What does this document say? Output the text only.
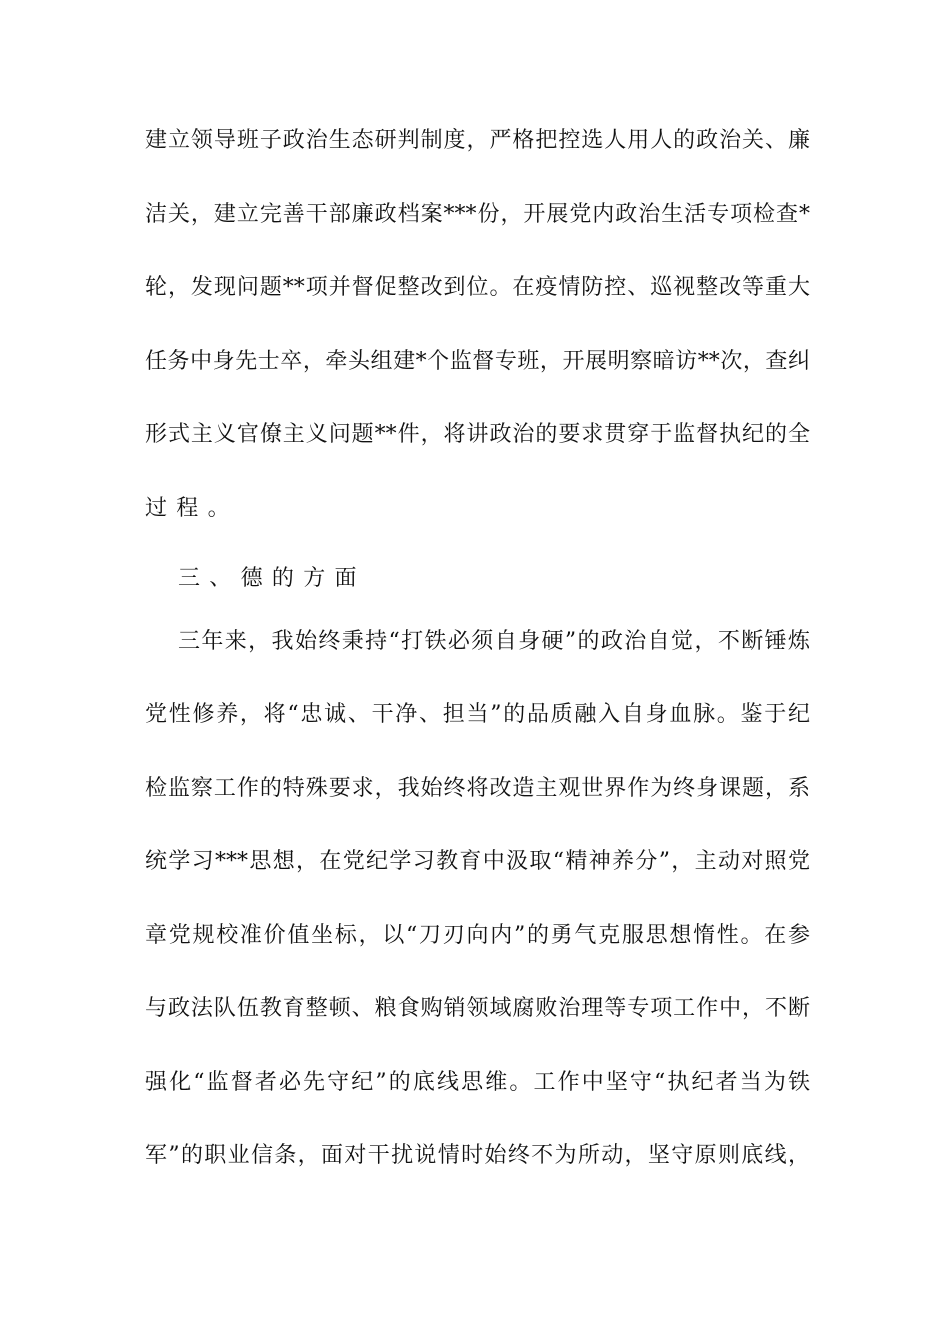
建立领导班子政治生态研判制度，严格把控选人用人的政治关、廉
洁关，建立完善干部廉政档案***份，开展党内政治生活专项检查*
轮，发现问题**项并督促整改到位。在疫情防控、巡视整改等重大
任务中身先士卒，牵头组建*个监督专班，开展明察暗访**次，查纠
形式主义官僚主义问题**件，将讲政治的要求贯穿于监督执纪的全
过程。
三、德的方面
三年来，我始终秉持“打铁必须自身硬”的政治自觉，不断锤炼
党性修养，将“忠诚、干净、担当”的品质融入自身血脉。鉴于纪
检监察工作的特殊要求，我始终将改造主观世界作为终身课题，系
统学习***思想，在党纪学习教育中汲取“精神养分”，主动对照党
章党规校准价值坐标，以“刀刃向内”的勇气克服思想惰性。在参
与政法队伍教育整顿、粮食购销领域腐败治理等专项工作中，不断
强化“监督者必先守纪”的底线思维。工作中坚守“执纪者当为铁
军”的职业信条，面对干扰说情时始终不为所动，坚守原则底线，
